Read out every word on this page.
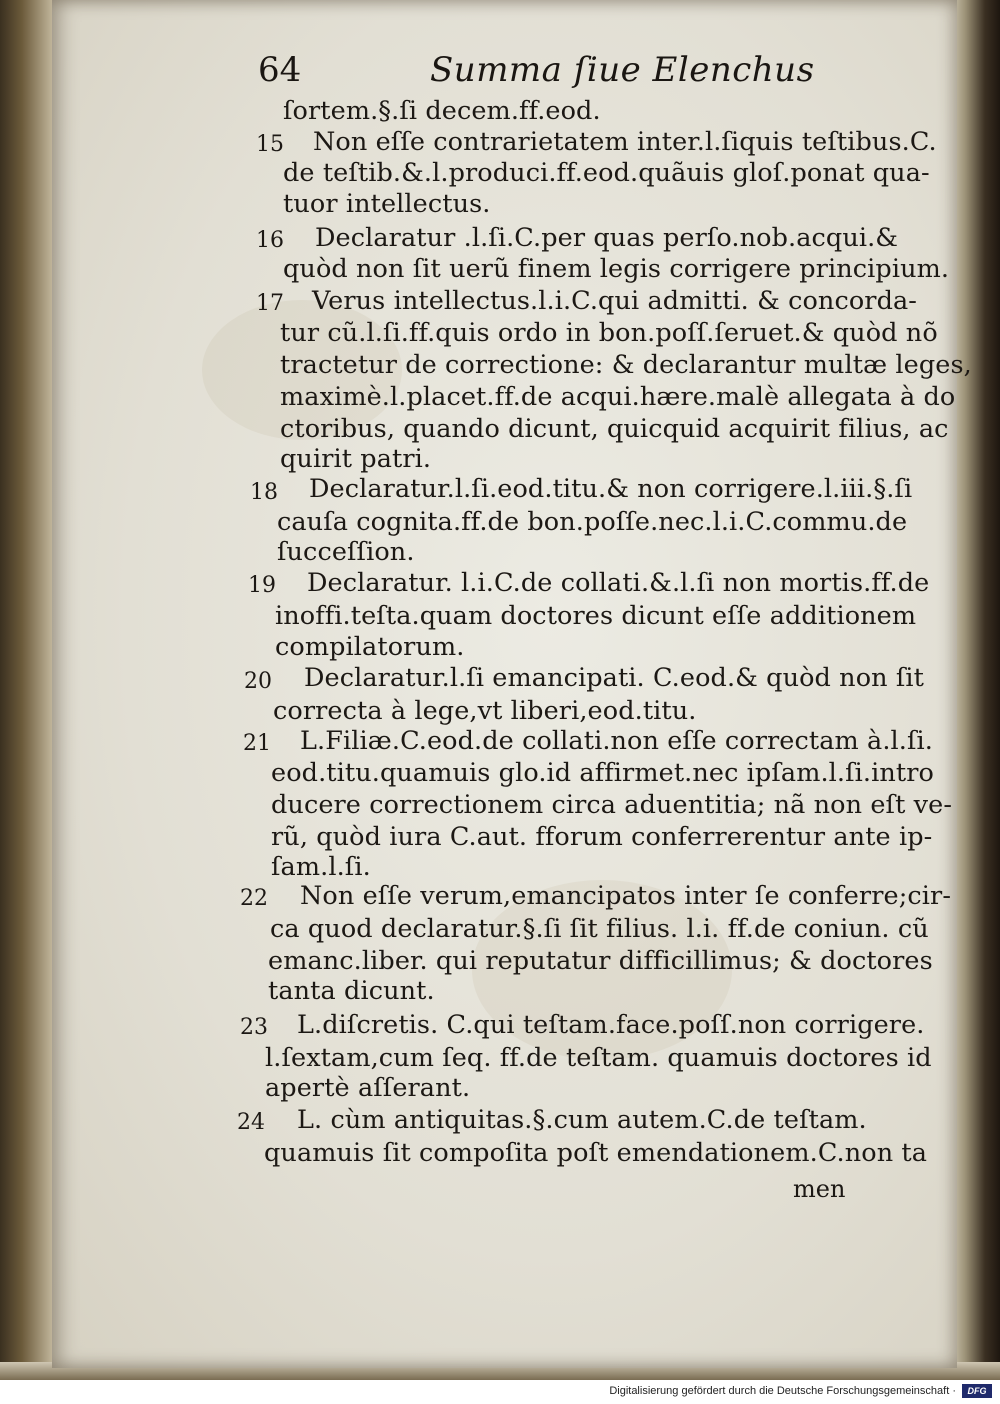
64	Summa ſiue Elenchus
ſortem.§.ſi decem.ff.eod.
15 Non eſſe contrarietatem inter.l.ſiquis teſtibus.C.
de teſtib.&.l.produci.ff.eod.quãuis gloſ.ponat qua-
tuor intellectus.
16 Declaratur .l.ſi.C.per quas perſo.nob.acqui.&
quòd non ſit uerũ finem legis corrigere principium.
17 Verus intellectus.l.i.C.qui admitti. & concorda-
tur cũ.l.ſi.ff.quis ordo in bon.poſſ.ſeruet.& quòd nõ
tractetur de correctione: & declarantur multæ leges,
maximè.l.placet.ff.de acqui.hære.malè allegata à do
ctoribus, quando dicunt, quicquid acquirit filius, ac
quirit patri.
18 Declaratur.l.ſi.eod.titu.& non corrigere.l.iii.§.ſi
cauſa cognita.ff.de bon.poſſe.nec.l.i.C.commu.de
ſucceſſion.
19 Declaratur. l.i.C.de collati.&.l.ſi non mortis.ff.de
inoffi.teſta.quam doctores dicunt eſſe additionem
compilatorum.
20 Declaratur.l.ſi emancipati. C.eod.& quòd non ſit
correcta à lege,vt liberi,eod.titu.
21 L.Filiæ.C.eod.de collati.non eſſe correctam à.l.ſi.
eod.titu.quamuis glo.id affirmet.nec ipſam.l.ſi.intro
ducere correctionem circa aduentitia; nã non eſt ve-
rũ, quòd iura C.aut. fforum conferrerentur ante ip-
ſam.l.ſi.
22 Non eſſe verum,emancipatos inter ſe conferre;cir-
ca quod declaratur.§.ſi ſit filius. l.i. ff.de coniun. cũ
emanc.liber. qui reputatur difficillimus; & doctores
tanta dicunt.
23 L.diſcretis. C.qui teſtam.face.poſſ.non corrigere.
l.ſextam,cum ſeq. ff.de teſtam. quamuis doctores id
apertè aſſerant.
24 L. cùm antiquitas.§.cum autem.C.de teſtam.
quamuis ſit compoſita poſt emendationem.C.non ta
men
Digitalisierung gefördert durch die Deutsche Forschungsgemeinschaft ·	DFG
